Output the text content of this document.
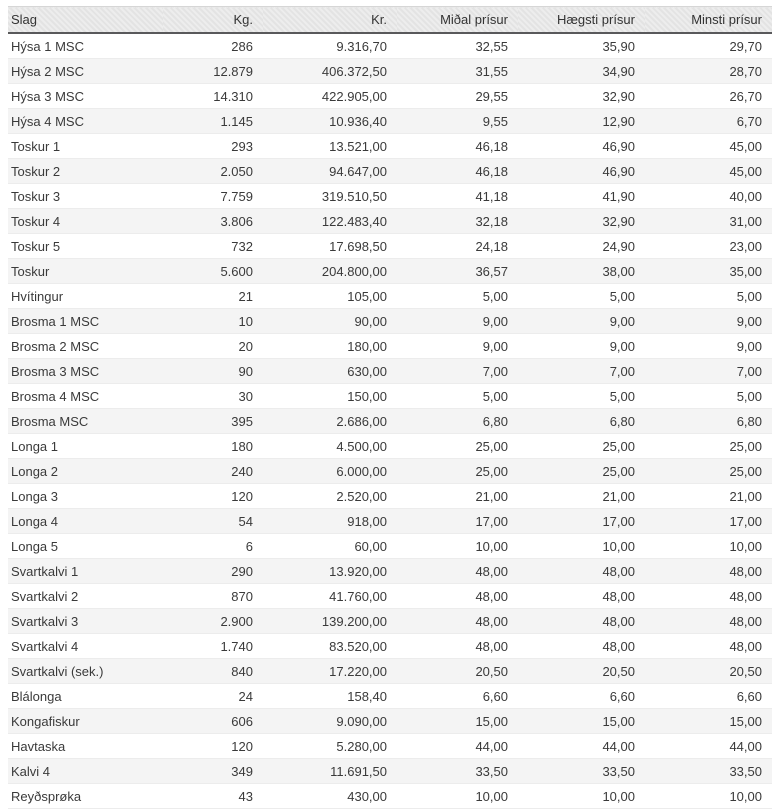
Slag	Kg.	Kr.	Miðal prísur	Hægsti prísur	Minsti prísur
Hýsa 1 MSC	286	9.316,70	32,55	35,90	29,70
Hýsa 2 MSC	12.879	406.372,50	31,55	34,90	28,70
Hýsa 3 MSC	14.310	422.905,00	29,55	32,90	26,70
Hýsa 4 MSC	1.145	10.936,40	9,55	12,90	6,70
Toskur 1	293	13.521,00	46,18	46,90	45,00
Toskur 2	2.050	94.647,00	46,18	46,90	45,00
Toskur 3	7.759	319.510,50	41,18	41,90	40,00
Toskur 4	3.806	122.483,40	32,18	32,90	31,00
Toskur 5	732	17.698,50	24,18	24,90	23,00
Toskur	5.600	204.800,00	36,57	38,00	35,00
Hvítingur	21	105,00	5,00	5,00	5,00
Brosma 1 MSC	10	90,00	9,00	9,00	9,00
Brosma 2 MSC	20	180,00	9,00	9,00	9,00
Brosma 3 MSC	90	630,00	7,00	7,00	7,00
Brosma 4 MSC	30	150,00	5,00	5,00	5,00
Brosma MSC	395	2.686,00	6,80	6,80	6,80
Longa 1	180	4.500,00	25,00	25,00	25,00
Longa 2	240	6.000,00	25,00	25,00	25,00
Longa 3	120	2.520,00	21,00	21,00	21,00
Longa 4	54	918,00	17,00	17,00	17,00
Longa 5	6	60,00	10,00	10,00	10,00
Svartkalvi 1	290	13.920,00	48,00	48,00	48,00
Svartkalvi 2	870	41.760,00	48,00	48,00	48,00
Svartkalvi 3	2.900	139.200,00	48,00	48,00	48,00
Svartkalvi 4	1.740	83.520,00	48,00	48,00	48,00
Svartkalvi (sek.)	840	17.220,00	20,50	20,50	20,50
Blálonga	24	158,40	6,60	6,60	6,60
Kongafiskur	606	9.090,00	15,00	15,00	15,00
Havtaska	120	5.280,00	44,00	44,00	44,00
Kalvi 4	349	11.691,50	33,50	33,50	33,50
Reyðsprøka	43	430,00	10,00	10,00	10,00
